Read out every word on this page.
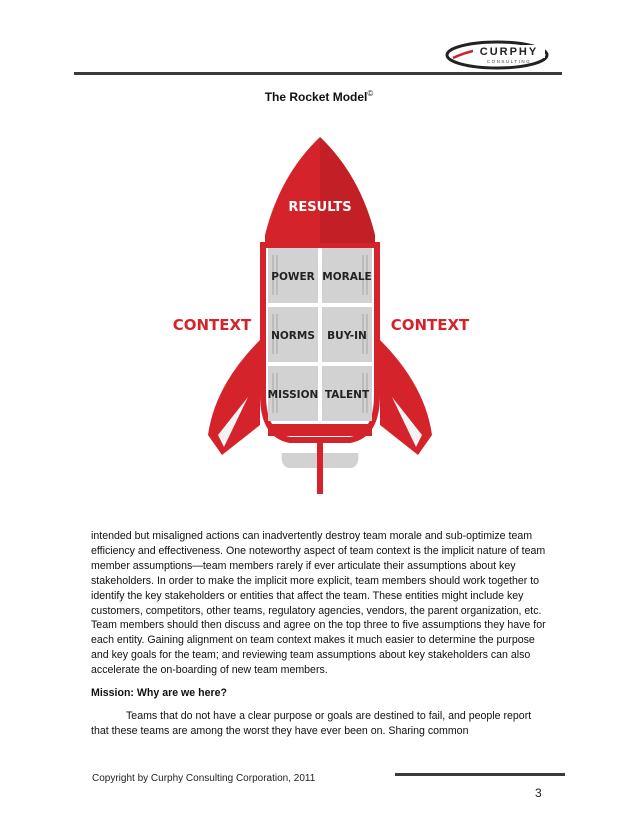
CURPHY
CONSULTING
The Rocket Model©
RESULTS
POWER MORALE
NORMS BUY-IN
MISSION TALENT
CONTEXT	CONTEXT

intended but misaligned actions can inadvertently destroy team morale and sub-optimize team efficiency and effectiveness. One noteworthy aspect of team context is the implicit nature of team member assumptions—team members rarely if ever articulate their assumptions about key stakeholders. In order to make the implicit more explicit, team members should work together to identify the key stakeholders or entities that affect the team. These entities might include key customers, competitors, other teams, regulatory agencies, vendors, the parent organization, etc. Team members should then discuss and agree on the top three to five assumptions they have for each entity. Gaining alignment on team context makes it much easier to determine the purpose and key goals for the team; and reviewing team assumptions about key stakeholders can also accelerate the on-boarding of new team members.

Mission: Why are we here?

Teams that do not have a clear purpose or goals are destined to fail, and people report that these teams are among the worst they have ever been on. Sharing common

Copyright by Curphy Consulting Corporation, 2011
3
